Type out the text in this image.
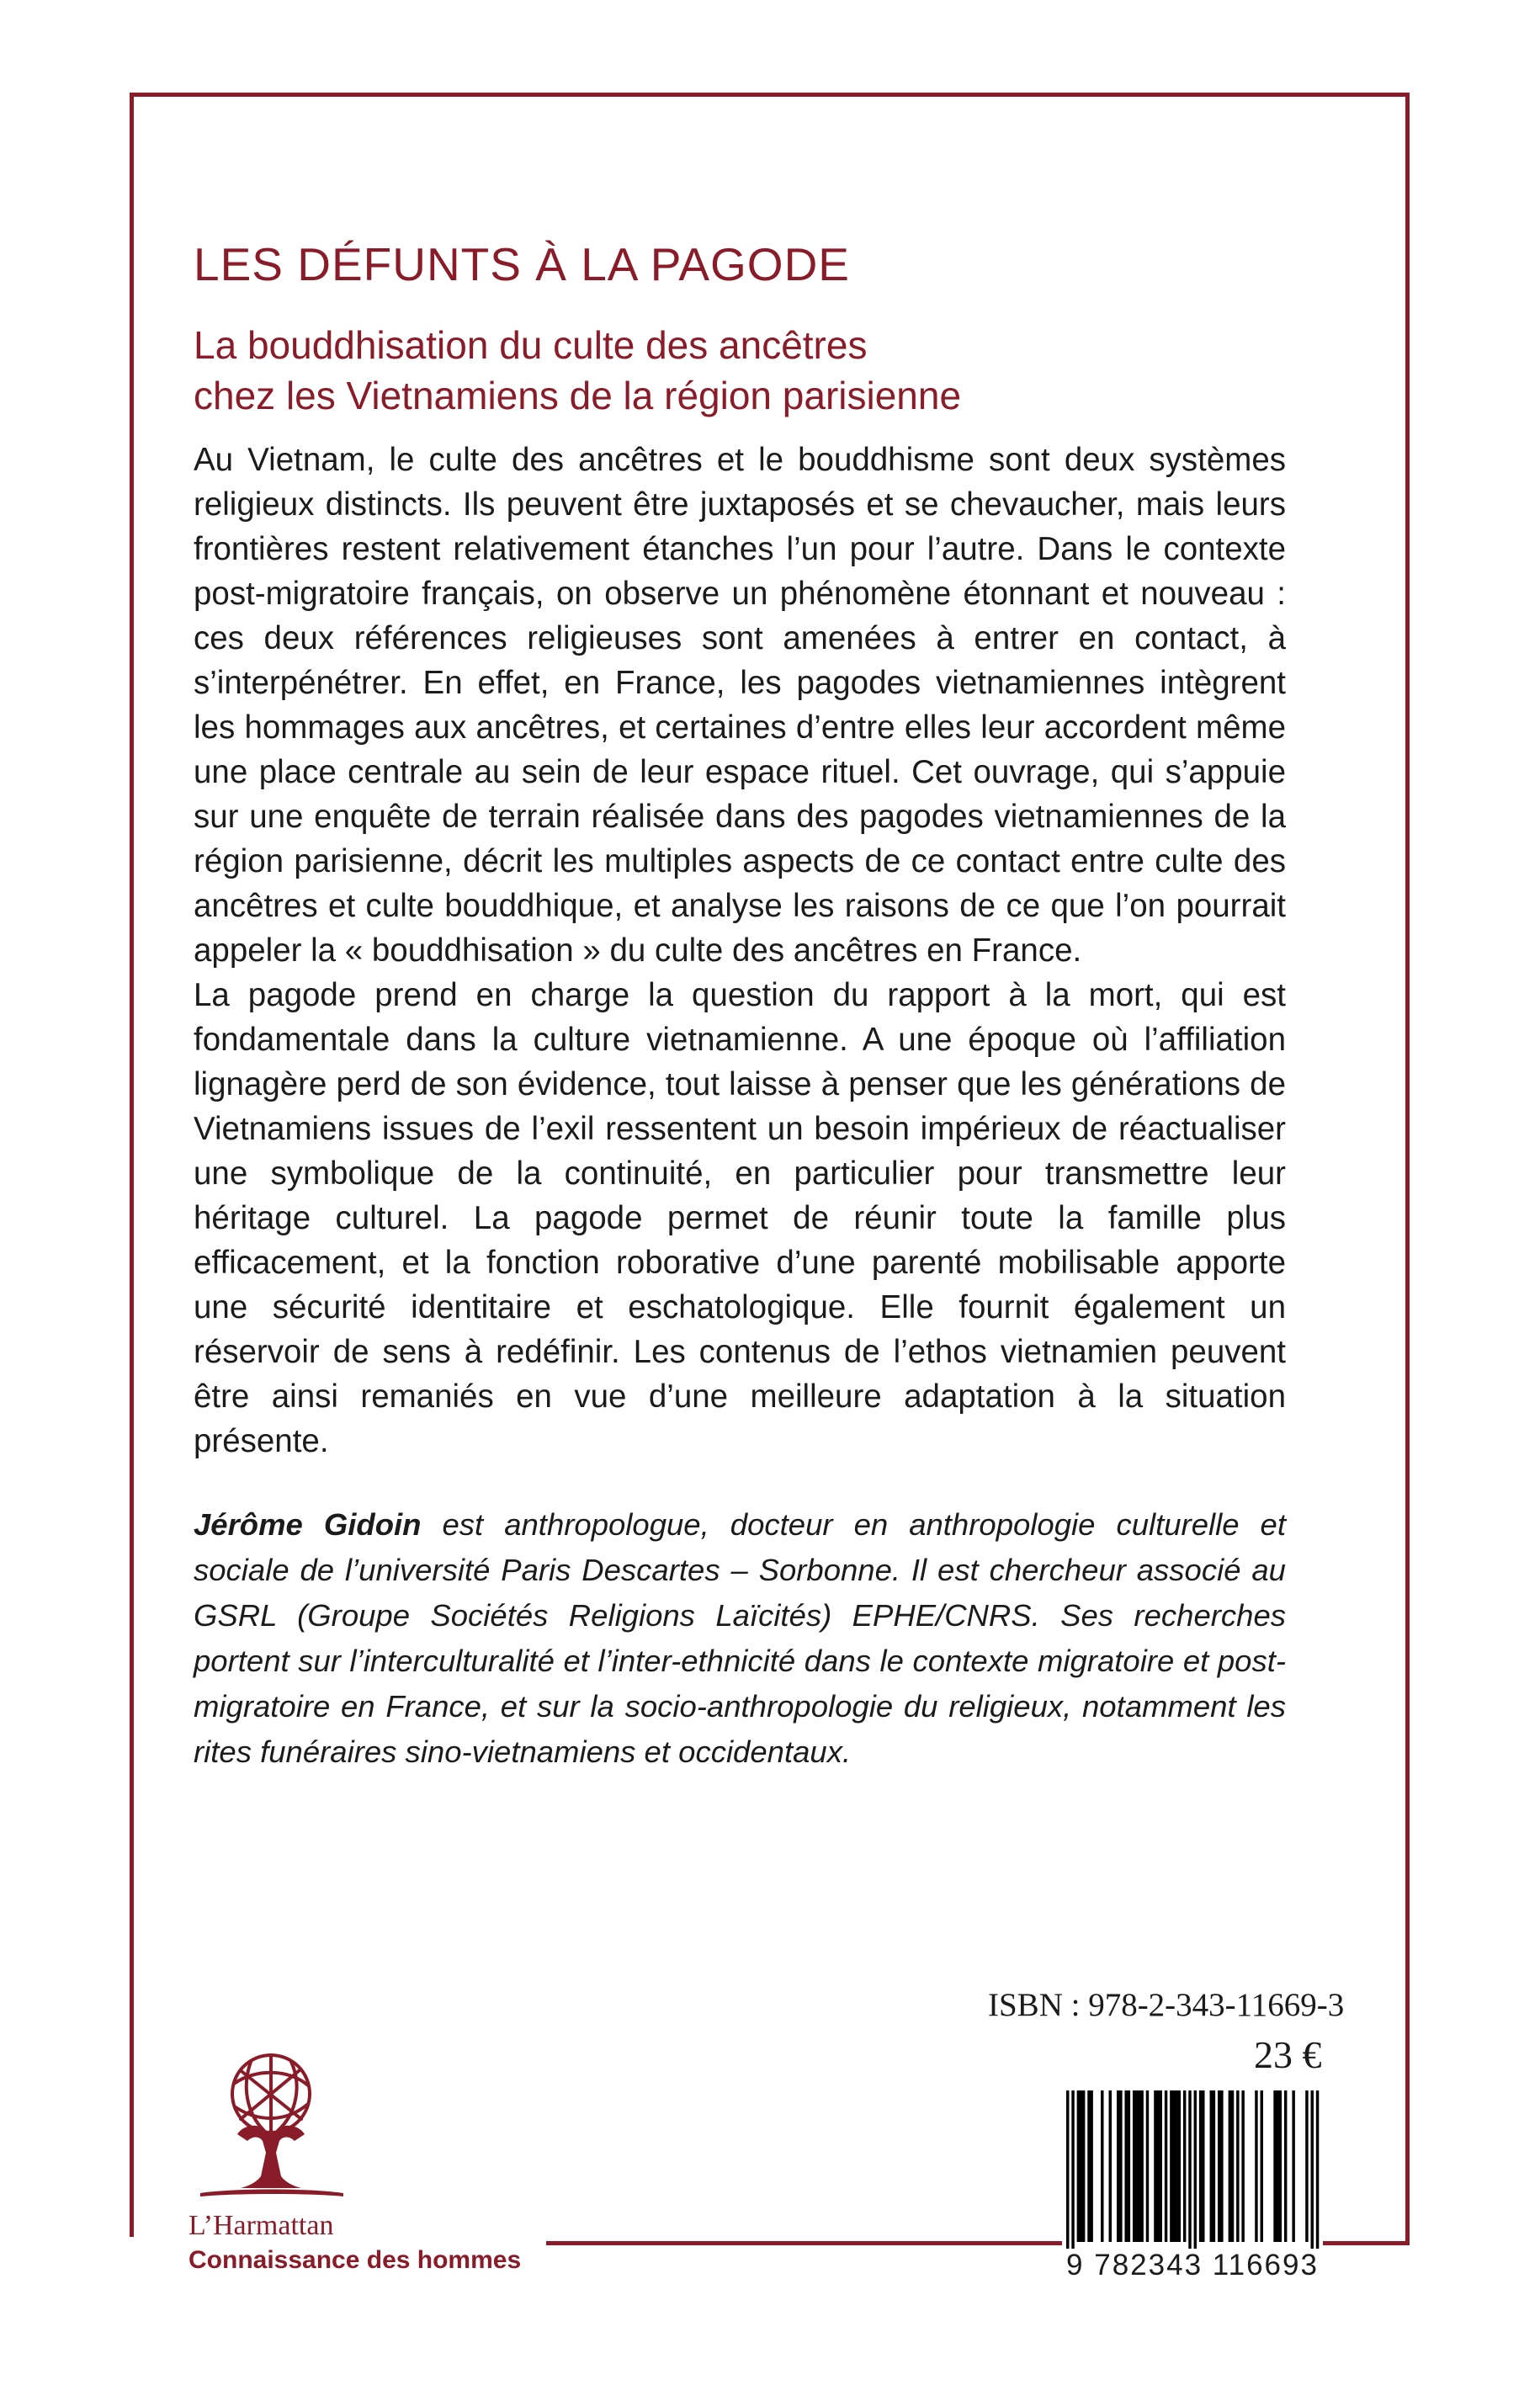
LES DÉFUNTS À LA PAGODE
La bouddhisation du culte des ancêtres
chez les Vietnamiens de la région parisienne

Au Vietnam, le culte des ancêtres et le bouddhisme sont deux systèmes religieux distincts. Ils peuvent être juxtaposés et se chevaucher, mais leurs frontières restent relativement étanches l’un pour l’autre. Dans le contexte post-migratoire français, on observe un phénomène étonnant et nouveau : ces deux références religieuses sont amenées à entrer en contact, à s’interpénétrer. En effet, en France, les pagodes vietnamiennes intègrent les hommages aux ancêtres, et certaines d’entre elles leur accordent même une place centrale au sein de leur espace rituel. Cet ouvrage, qui s’appuie sur une enquête de terrain réalisée dans des pagodes vietnamiennes de la région parisienne, décrit les multiples aspects de ce contact entre culte des ancêtres et culte bouddhique, et analyse les raisons de ce que l’on pourrait appeler la « bouddhisation » du culte des ancêtres en France.

La pagode prend en charge la question du rapport à la mort, qui est fondamentale dans la culture vietnamienne. A une époque où l’affiliation lignagère perd de son évidence, tout laisse à penser que les générations de Vietnamiens issues de l’exil ressentent un besoin impérieux de réactualiser une symbolique de la continuité, en particulier pour transmettre leur héritage culturel. La pagode permet de réunir toute la famille plus efficacement, et la fonction roborative d’une parenté mobilisable apporte une sécurité identitaire et eschatologique. Elle fournit également un réservoir de sens à redéfinir. Les contenus de l’ethos vietnamien peuvent être ainsi remaniés en vue d’une meilleure adaptation à la situation présente.

Jérôme Gidoin est anthropologue, docteur en anthropologie culturelle et sociale de l’université Paris Descartes – Sorbonne. Il est chercheur associé au GSRL (Groupe Sociétés Religions Laïcités) EPHE/CNRS. Ses recherches portent sur l’interculturalité et l’inter-ethnicité dans le contexte migratoire et post-migratoire en France, et sur la socio-anthropologie du religieux, notamment les rites funéraires sino-vietnamiens et occidentaux.
ISBN : 978-2-343-11669-3
23 €
9 782343 116693
L’Harmattan
Connaissance des hommes
